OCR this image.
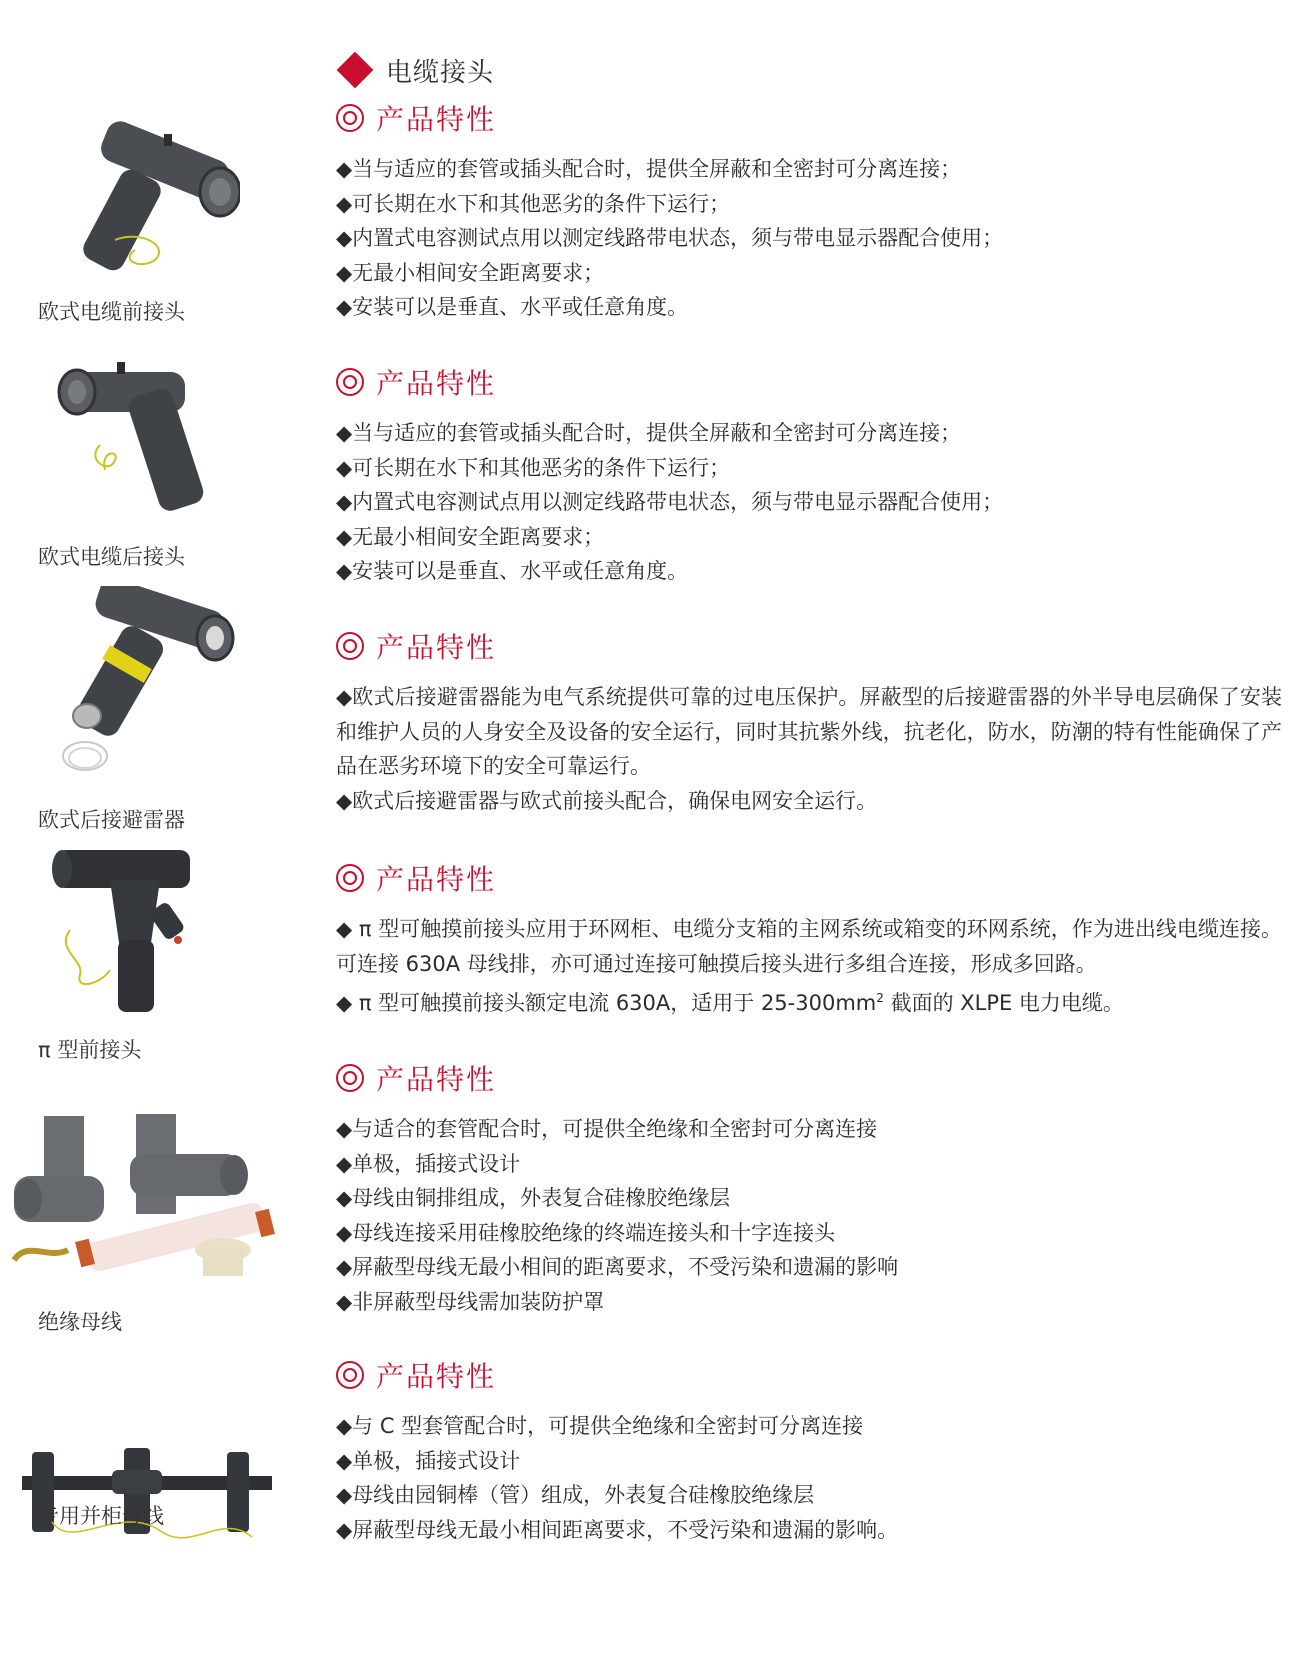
电缆接头
欧式电缆前接头
产品特性
◆当与适应的套管或插头配合时，提供全屏蔽和全密封可分离连接；
◆可长期在水下和其他恶劣的条件下运行；
◆内置式电容测试点用以测定线路带电状态，须与带电显示器配合使用；
◆无最小相间安全距离要求；
◆安装可以是垂直、水平或任意角度。
欧式电缆后接头
产品特性
◆当与适应的套管或插头配合时，提供全屏蔽和全密封可分离连接；
◆可长期在水下和其他恶劣的条件下运行；
◆内置式电容测试点用以测定线路带电状态，须与带电显示器配合使用；
◆无最小相间安全距离要求；
◆安装可以是垂直、水平或任意角度。
欧式后接避雷器
产品特性
◆欧式后接避雷器能为电气系统提供可靠的过电压保护。屏蔽型的后接避雷器的外半导电层确保了安装和维护人员的人身安全及设备的安全运行，同时其抗紫外线，抗老化，防水，防潮的特有性能确保了产品在恶劣环境下的安全可靠运行。
◆欧式后接避雷器与欧式前接头配合，确保电网安全运行。
π 型前接头
产品特性
◆ π 型可触摸前接头应用于环网柜、电缆分支箱的主网系统或箱变的环网系统，作为进出线电缆连接。可连接 630A 母线排，亦可通过连接可触摸后接头进行多组合连接，形成多回路。
◆ π 型可触摸前接头额定电流 630A，适用于 $25-300mm^2$ 截面的 XLPE 电力电缆。
绝缘母线
产品特性
◆与适合的套管配合时，可提供全绝缘和全密封可分离连接
◆单极，插接式设计
◆母线由铜排组成，外表复合硅橡胶绝缘层
◆母线连接采用硅橡胶绝缘的终端连接头和十字连接头
◆屏蔽型母线无最小相间的距离要求，不受污染和遗漏的影响
◆非屏蔽型母线需加装防护罩
专用并柜母线
产品特性
◆与 C 型套管配合时，可提供全绝缘和全密封可分离连接
◆单极，插接式设计
◆母线由园铜棒（管）组成，外表复合硅橡胶绝缘层
◆屏蔽型母线无最小相间距离要求，不受污染和遗漏的影响。
